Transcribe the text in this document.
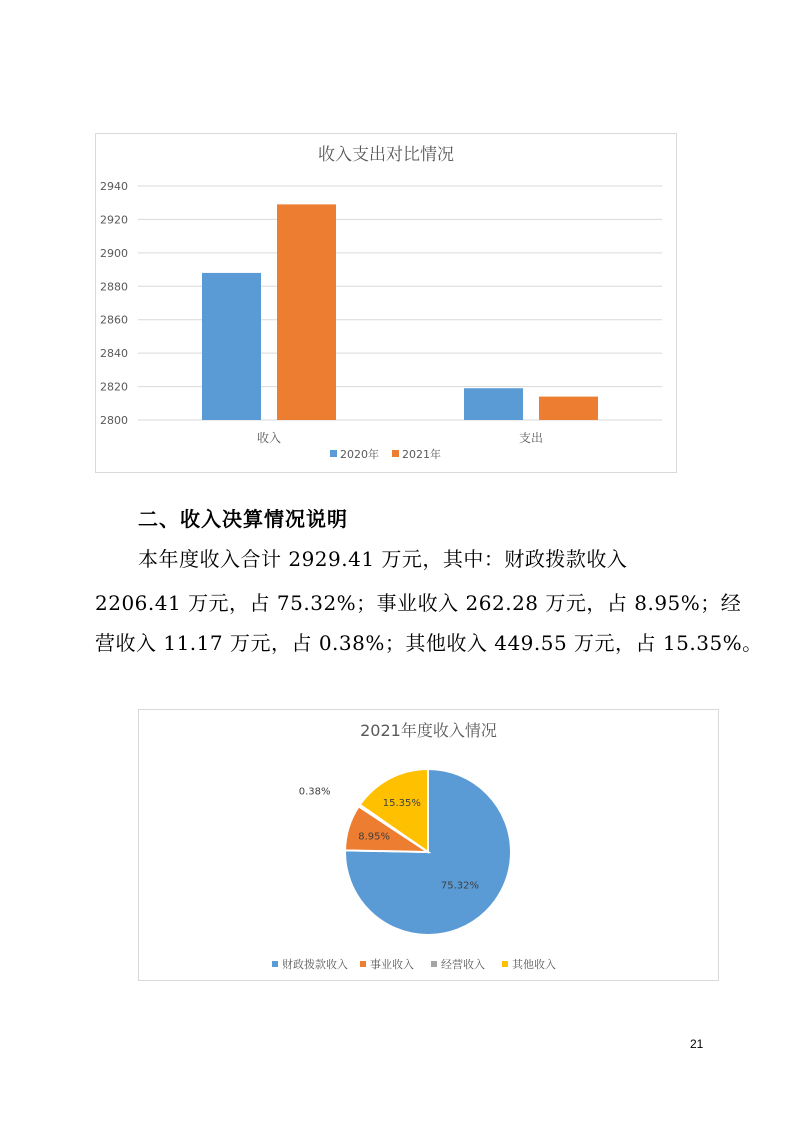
收入支出对比情况
2800
2820
2840
2860
2880
2900
2920
2940
收入	支出
2020年 2021年
二、收入决算情况说明
本年度收入合计 2929.41 万元，其中：财政拨款收入
2206.41 万元，占 75.32%；事业收入 262.28 万元，占 8.95%；经
营收入 11.17 万元，占 0.38%；其他收入 449.55 万元，占 15.35%。
2021年度收入情况
75.32%
8.95%
0.38%
15.35%
财政拨款收入 事业收入 经营收入 其他收入
21
